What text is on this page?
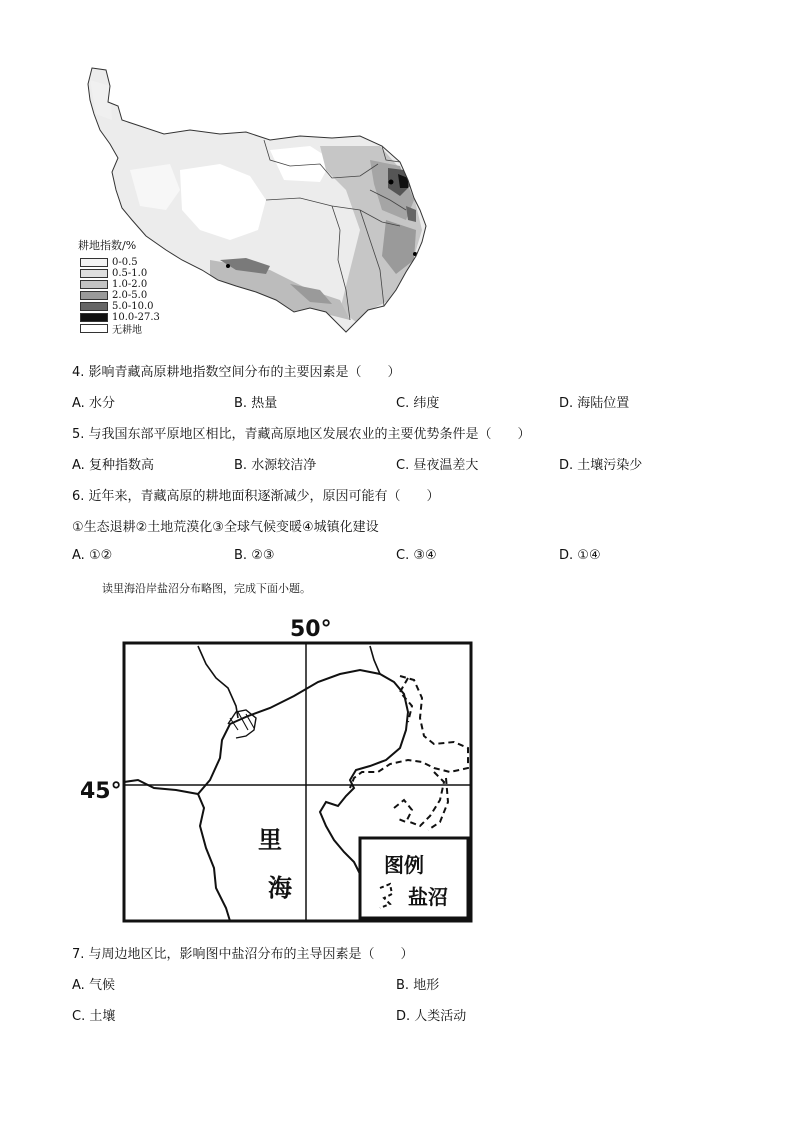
耕地指数/%
0-0.5
0.5-1.0
1.0-2.0
2.0-5.0
5.0-10.0
10.0-27.3
无耕地
4. 影响青藏高原耕地指数空间分布的主要因素是（　　）
A. 水分	B. 热量	C. 纬度	D. 海陆位置
5. 与我国东部平原地区相比，青藏高原地区发展农业的主要优势条件是（　　）
A. 复种指数高	B. 水源较洁净	C. 昼夜温差大	D. 土壤污染少
6. 近年来，青藏高原的耕地面积逐渐减少，原因可能有（　　）
①生态退耕②土地荒漠化③全球气候变暖④城镇化建设
A. ①②	B. ②③	C. ③④	D. ①④
读里海沿岸盐沼分布略图，完成下面小题。
50°
45°
里
海
图例
盐沼
7. 与周边地区比，影响图中盐沼分布的主导因素是（　　）
A. 气候	B. 地形
C. 土壤	D. 人类活动
